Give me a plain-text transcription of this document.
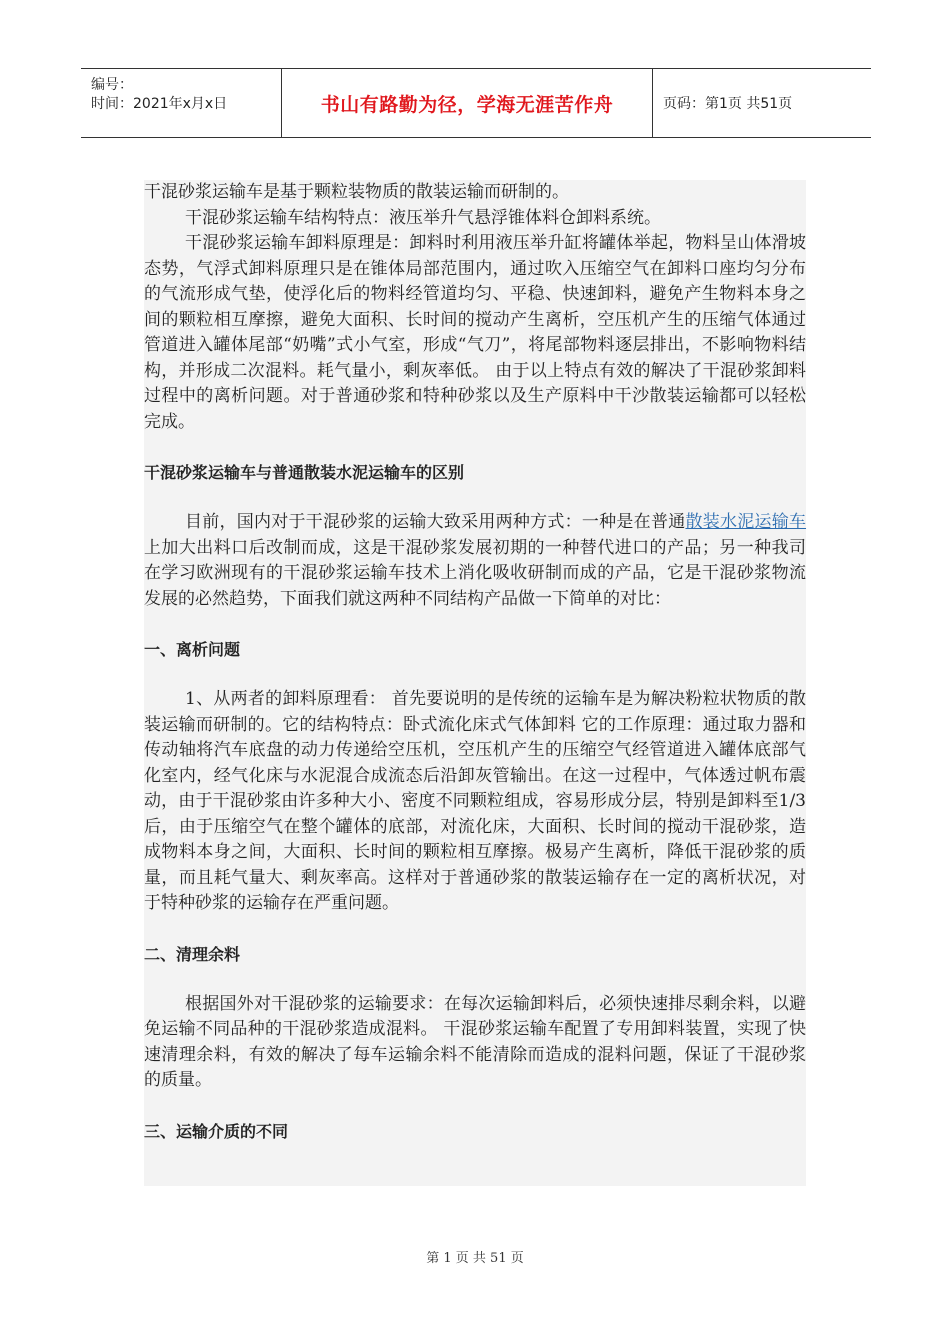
编号：
时间：2021年x月x日	书山有路勤为径，学海无涯苦作舟	页码：第1页 共51页

干混砂浆运输车是基于颗粒装物质的散装运输而研制的。

干混砂浆运输车结构特点：液压举升气悬浮锥体料仓卸料系统。

干混砂浆运输车卸料原理是：卸料时利用液压举升缸将罐体举起，物料呈山体滑坡态势，气浮式卸料原理只是在锥体局部范围内，通过吹入压缩空气在卸料口座均匀分布的气流形成气垫，使浮化后的物料经管道均匀、平稳、快速卸料，避免产生物料本身之间的颗粒相互摩擦，避免大面积、长时间的搅动产生离析，空压机产生的压缩气体通过管道进入罐体尾部“奶嘴”式小气室，形成“气刀”，将尾部物料逐层排出，不影响物料结构，并形成二次混料。耗气量小，剩灰率低。 由于以上特点有效的解决了干混砂浆卸料过程中的离析问题。对于普通砂浆和特种砂浆以及生产原料中干沙散装运输都可以轻松完成。

干混砂浆运输车与普通散装水泥运输车的区别

目前，国内对于干混砂浆的运输大致采用两种方式：一种是在普通散装水泥运输车上加大出料口后改制而成，这是干混砂浆发展初期的一种替代进口的产品；另一种我司在学习欧洲现有的干混砂浆运输车技术上消化吸收研制而成的产品，它是干混砂浆物流发展的必然趋势，下面我们就这两种不同结构产品做一下简单的对比：

一、离析问题

1、从两者的卸料原理看： 首先要说明的是传统的运输车是为解决粉粒状物质的散装运输而研制的。它的结构特点：卧式流化床式气体卸料 它的工作原理：通过取力器和传动轴将汽车底盘的动力传递给空压机，空压机产生的压缩空气经管道进入罐体底部气化室内，经气化床与水泥混合成流态后沿卸灰管输出。在这一过程中，气体透过帆布震动，由于干混砂浆由许多种大小、密度不同颗粒组成，容易形成分层，特别是卸料至1/3后，由于压缩空气在整个罐体的底部，对流化床，大面积、长时间的搅动干混砂浆，造成物料本身之间，大面积、长时间的颗粒相互摩擦。极易产生离析，降低干混砂浆的质量，而且耗气量大、剩灰率高。这样对于普通砂浆的散装运输存在一定的离析状况，对于特种砂浆的运输存在严重问题。

二、清理余料

根据国外对干混砂浆的运输要求：在每次运输卸料后，必须快速排尽剩余料，以避免运输不同品种的干混砂浆造成混料。 干混砂浆运输车配置了专用卸料装置，实现了快速清理余料，有效的解决了每车运输余料不能清除而造成的混料问题，保证了干混砂浆的质量。

三、运输介质的不同
第 1 页 共 51 页
